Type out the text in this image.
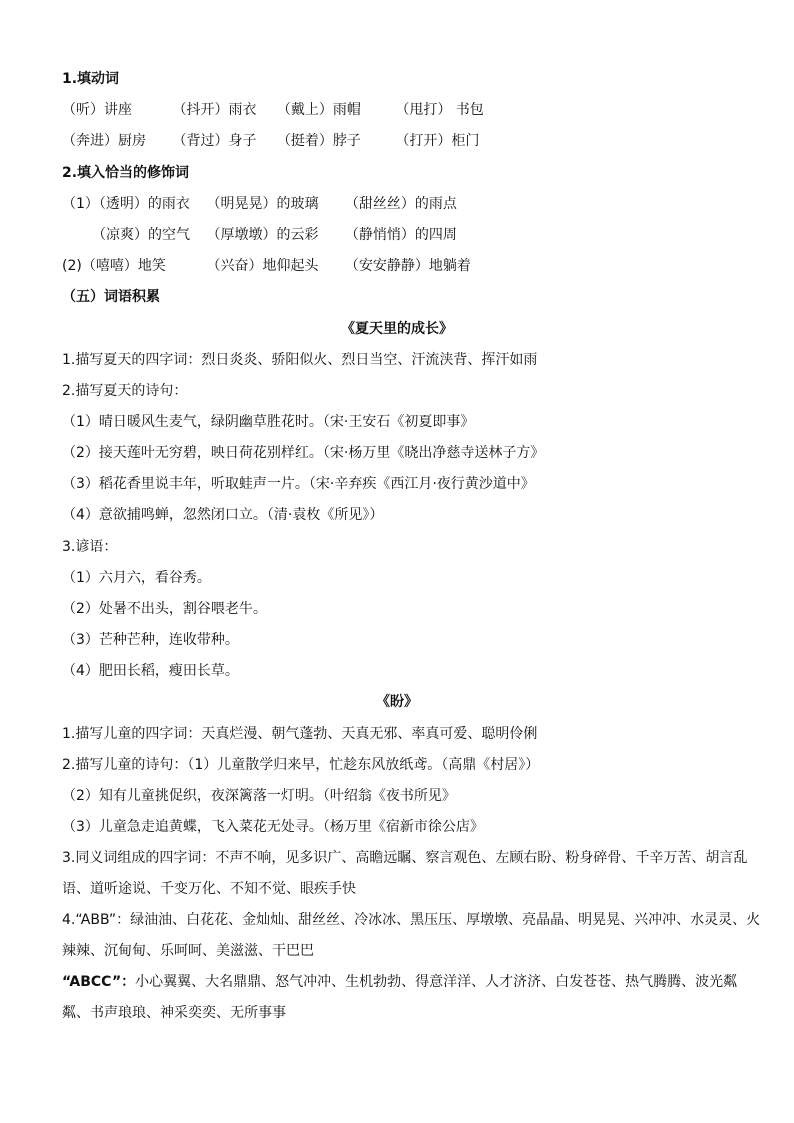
1.填动词
（听）讲座	（抖开）雨衣 （戴上）雨帽 （甩打） 书包
（奔进）厨房 （背过）身子 （挺着）脖子 （打开）柜门
2.填入恰当的修饰词
（1）（透明）的雨衣 （明晃晃）的玻璃 （甜丝丝）的雨点
（凉爽）的空气 （厚墩墩）的云彩 （静悄悄）的四周
(2)（嘻嘻）地笑	（兴奋）地仰起头 （安安静静）地躺着
（五）词语积累
《夏天里的成长》
1.描写夏天的四字词：烈日炎炎、骄阳似火、烈日当空、汗流浃背、挥汗如雨
2.描写夏天的诗句：
（1）晴日暖风生麦气，绿阴幽草胜花时。（宋·王安石《初夏即事》
（2）接天莲叶无穷碧，映日荷花别样红。（宋·杨万里《晓出净慈寺送林子方》
（3）稻花香里说丰年，听取蛙声一片。（宋·辛弃疾《西江月·夜行黄沙道中》
（4）意欲捕鸣蝉，忽然闭口立。（清·袁枚《所见》）
3.谚语：
（1）六月六，看谷秀。
（2）处暑不出头，割谷喂老牛。
（3）芒种芒种，连收带种。
（4）肥田长稻，瘦田长草。
《盼》
1.描写儿童的四字词：天真烂漫、朝气蓬勃、天真无邪、率真可爱、聪明伶俐
2.描写儿童的诗句：（1）儿童散学归来早，忙趁东风放纸鸢。（高鼎《村居》）
（2）知有儿童挑促织，夜深篱落一灯明。（叶绍翁《夜书所见》
（3）儿童急走追黄蝶，飞入菜花无处寻。（杨万里《宿新市徐公店》
3.同义词组成的四字词：不声不响，见多识广、高瞻远瞩、察言观色、左顾右盼、粉身碎骨、千辛万苦、胡言乱语、道听途说、千变万化、不知不觉、眼疾手快
4.“ABB”：绿油油、白花花、金灿灿、甜丝丝、冷冰冰、黑压压、厚墩墩、亮晶晶、明晃晃、兴冲冲、水灵灵、火辣辣、沉甸甸、乐呵呵、美滋滋、干巴巴
“ABCC”：小心翼翼、大名鼎鼎、怒气冲冲、生机勃勃、得意洋洋、人才济济、白发苍苍、热气腾腾、波光粼粼、书声琅琅、神采奕奕、无所事事
